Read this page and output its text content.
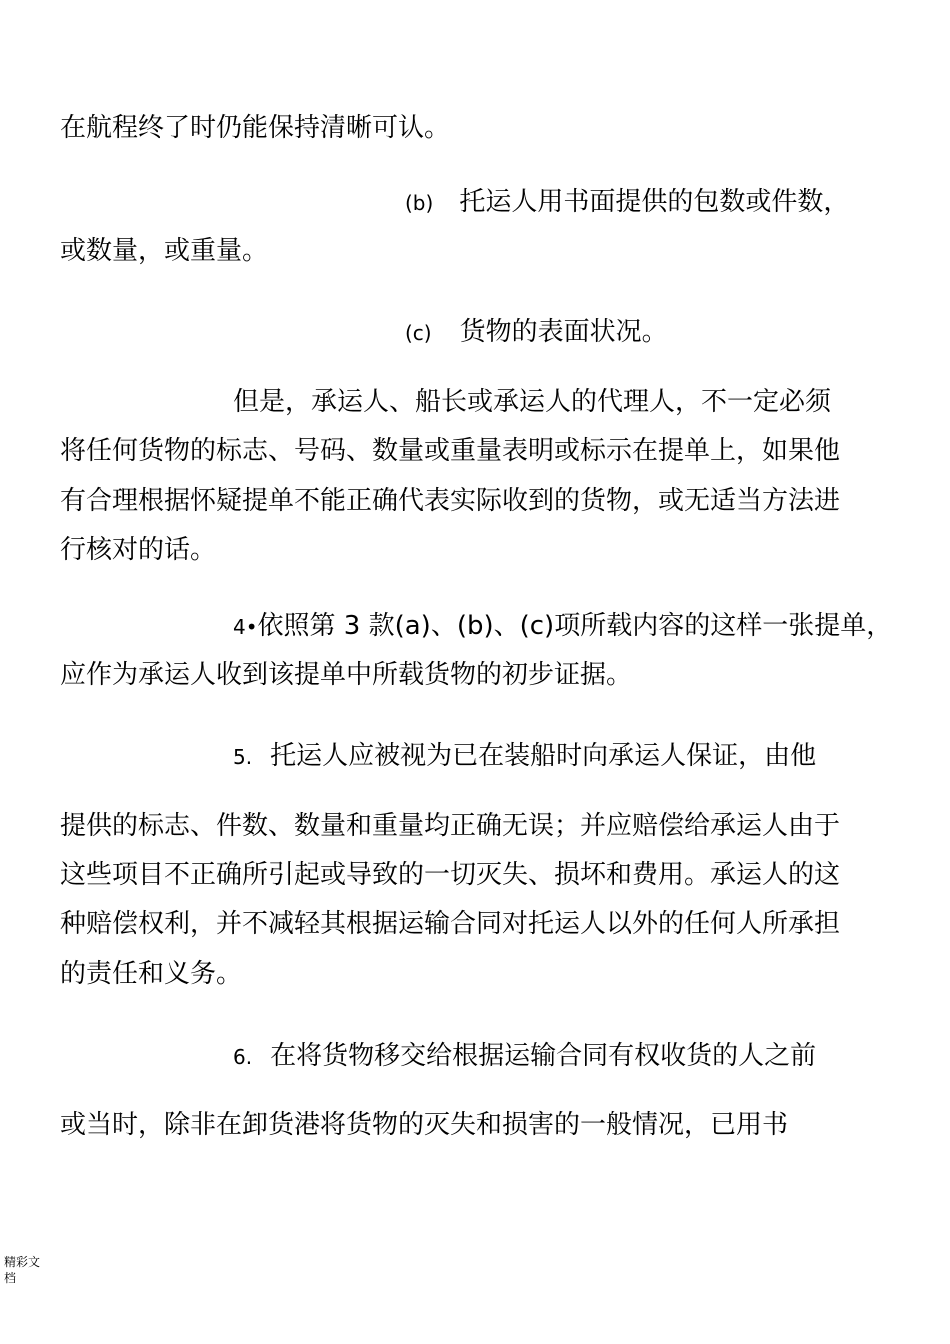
在航程终了时仍能保持清晰可认。
(b) 托运人用书面提供的包数或件数，
或数量，或重量。
(c) 货物的表面状况。
但是，承运人、船长或承运人的代理人，不一定必须
将任何货物的标志、号码、数量或重量表明或标示在提单上，如果他
有合理根据怀疑提单不能正确代表实际收到的货物，或无适当方法进
行核对的话。
4•依照第 3 款(a)、(b)、(c)项所载内容的这样一张提单，
应作为承运人收到该提单中所载货物的初步证据。
5. 托运人应被视为已在装船时向承运人保证，由他
提供的标志、件数、数量和重量均正确无误；并应赔偿给承运人由于
这些项目不正确所引起或导致的一切灭失、损坏和费用。承运人的这
种赔偿权利，并不减轻其根据运输合同对托运人以外的任何人所承担
的责任和义务。
6. 在将货物移交给根据运输合同有权收货的人之前
或当时，除非在卸货港将货物的灭失和损害的一般情况，已用书
精彩文档
